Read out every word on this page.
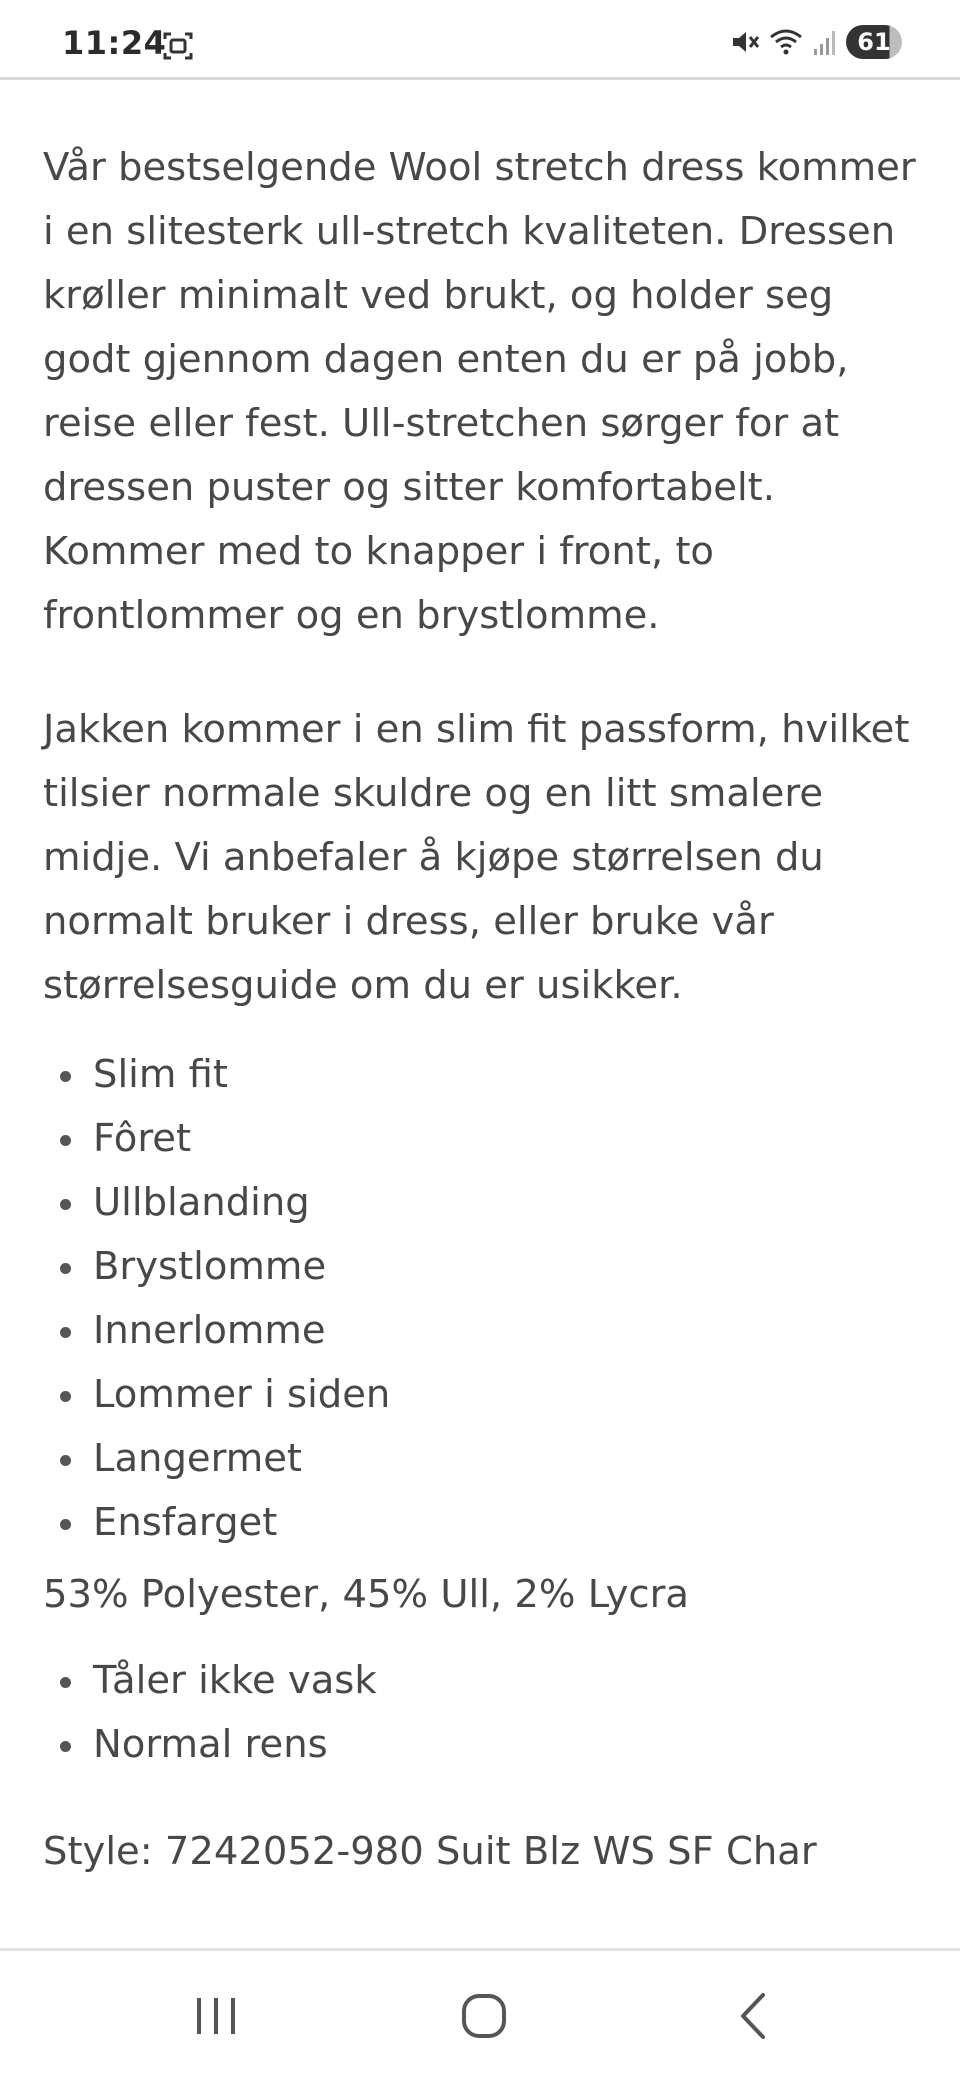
11:24	61

Vår bestselgende Wool stretch dress kommer i en slitesterk ull-stretch kvaliteten. Dressen krøller minimalt ved brukt, og holder seg godt gjennom dagen enten du er på jobb, reise eller fest. Ull-stretchen sørger for at dressen puster og sitter komfortabelt. Kommer med to knapper i front, to frontlommer og en brystlomme.

Jakken kommer i en slim fit passform, hvilket tilsier normale skuldre og en litt smalere midje. Vi anbefaler å kjøpe størrelsen du normalt bruker i dress, eller bruke vår størrelsesguide om du er usikker.

Slim fit
Fôret
Ullblanding
Brystlomme
Innerlomme
Lommer i siden
Langermet
Ensfarget

53% Polyester, 45% Ull, 2% Lycra

Tåler ikke vask
Normal rens

Style: 7242052-980 Suit Blz WS SF Char
